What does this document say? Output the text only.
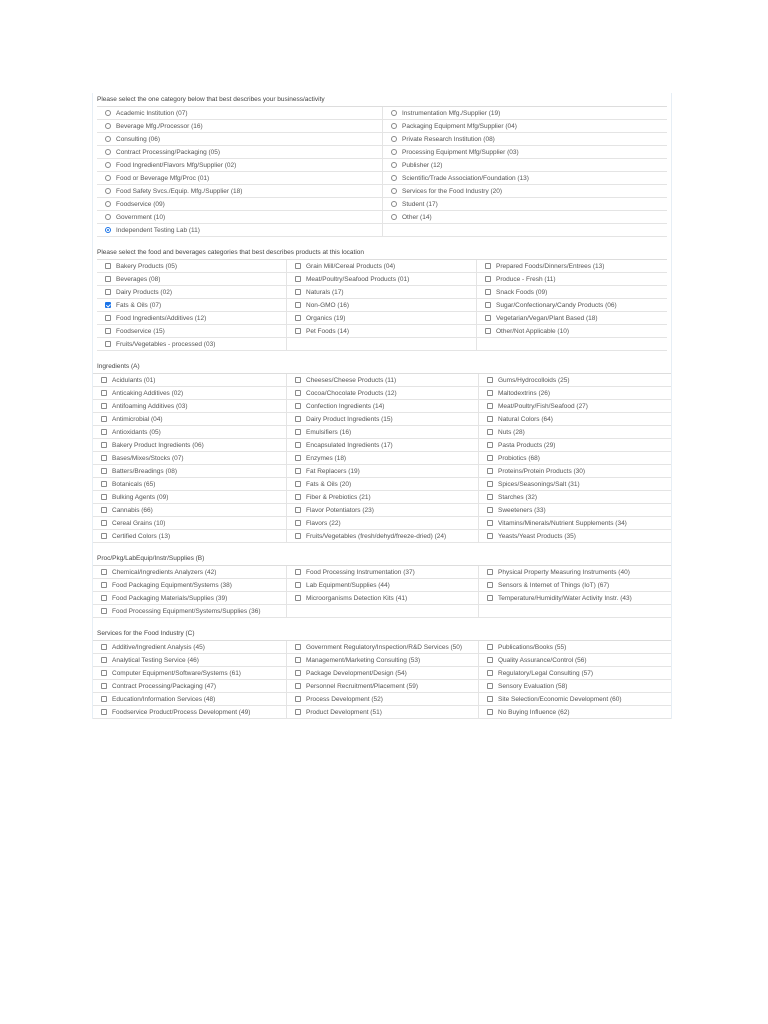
Please select the one category below that best describes your business/activity
Academic Institution (07)	Instrumentation Mfg./Supplier (19)
Beverage Mfg./Processor (16)	Packaging Equipment Mfg/Supplier (04)
Consulting (06)	Private Research Institution (08)
Contract Processing/Packaging (05)	Processing Equipment Mfg/Supplier (03)
Food Ingredient/Flavors Mfg/Supplier (02)	Publisher (12)
Food or Beverage Mfg/Proc (01)	Scientific/Trade Association/Foundation (13)
Food Safety Svcs./Equip. Mfg./Supplier (18)	Services for the Food Industry (20)
Foodservice (09)	Student (17)
Government (10)	Other (14)
Independent Testing Lab (11)
Please select the food and beverages categories that best describes products at this location
Bakery Products (05)	Grain Mill/Cereal Products (04)	Prepared Foods/Dinners/Entrees (13)
Beverages (08)	Meat/Poultry/Seafood Products (01)	Produce - Fresh (11)
Dairy Products (02)	Naturals (17)	Snack Foods (09)
Fats & Oils (07)	Non-GMO (16)	Sugar/Confectionary/Candy Products (06)
Food Ingredients/Additives (12)	Organics (19)	Vegetarian/Vegan/Plant Based (18)
Foodservice (15)	Pet Foods (14)	Other/Not Applicable (10)
Fruits/Vegetables - processed (03)
Ingredients (A)
Acidulants (01)	Cheeses/Cheese Products (11)	Gums/Hydrocolloids (25)
Anticaking Additives (02)	Cocoa/Chocolate Products (12)	Maltodextrins (26)
Antifoaming Additives (03)	Confection Ingredients (14)	Meat/Poultry/Fish/Seafood (27)
Antimicrobial (04)	Dairy Product Ingredients (15)	Natural Colors (64)
Antioxidants (05)	Emulsifiers (16)	Nuts (28)
Bakery Product Ingredients (06)	Encapsulated Ingredients (17)	Pasta Products (29)
Bases/Mixes/Stocks (07)	Enzymes (18)	Probiotics (68)
Batters/Breadings (08)	Fat Replacers (19)	Proteins/Protein Products (30)
Botanicals (65)	Fats & Oils (20)	Spices/Seasonings/Salt (31)
Bulking Agents (09)	Fiber & Prebiotics (21)	Starches (32)
Cannabis (66)	Flavor Potentiators (23)	Sweeteners (33)
Cereal Grains (10)	Flavors (22)	Vitamins/Minerals/Nutrient Supplements (34)
Certified Colors (13)	Fruits/Vegetables (fresh/dehyd/freeze-dried) (24)	Yeasts/Yeast Products (35)
Proc/Pkg/LabEquip/Instr/Supplies (B)
Chemical/Ingredients Analyzers (42)	Food Processing Instrumentation (37)	Physical Property Measuring Instruments (40)
Food Packaging Equipment/Systems (38)	Lab Equipment/Supplies (44)	Sensors & Internet of Things (IoT) (67)
Food Packaging Materials/Supplies (39)	Microorganisms Detection Kits (41)	Temperature/Humidity/Water Activity Instr. (43)
Food Processing Equipment/Systems/Supplies (36)
Services for the Food Industry (C)
Additive/Ingredient Analysis (45)	Government Regulatory/Inspection/R&D Services (50)	Publications/Books (55)
Analytical Testing Service (46)	Management/Marketing Consulting (53)	Quality Assurance/Control (56)
Computer Equipment/Software/Systems (61)	Package Development/Design (54)	Regulatory/Legal Consulting (57)
Contract Processing/Packaging (47)	Personnel Recruitment/Placement (59)	Sensory Evaluation (58)
Education/Information Services (48)	Process Development (52)	Site Selection/Economic Development (60)
Foodservice Product/Process Development (49)	Product Development (51)	No Buying Influence (62)
